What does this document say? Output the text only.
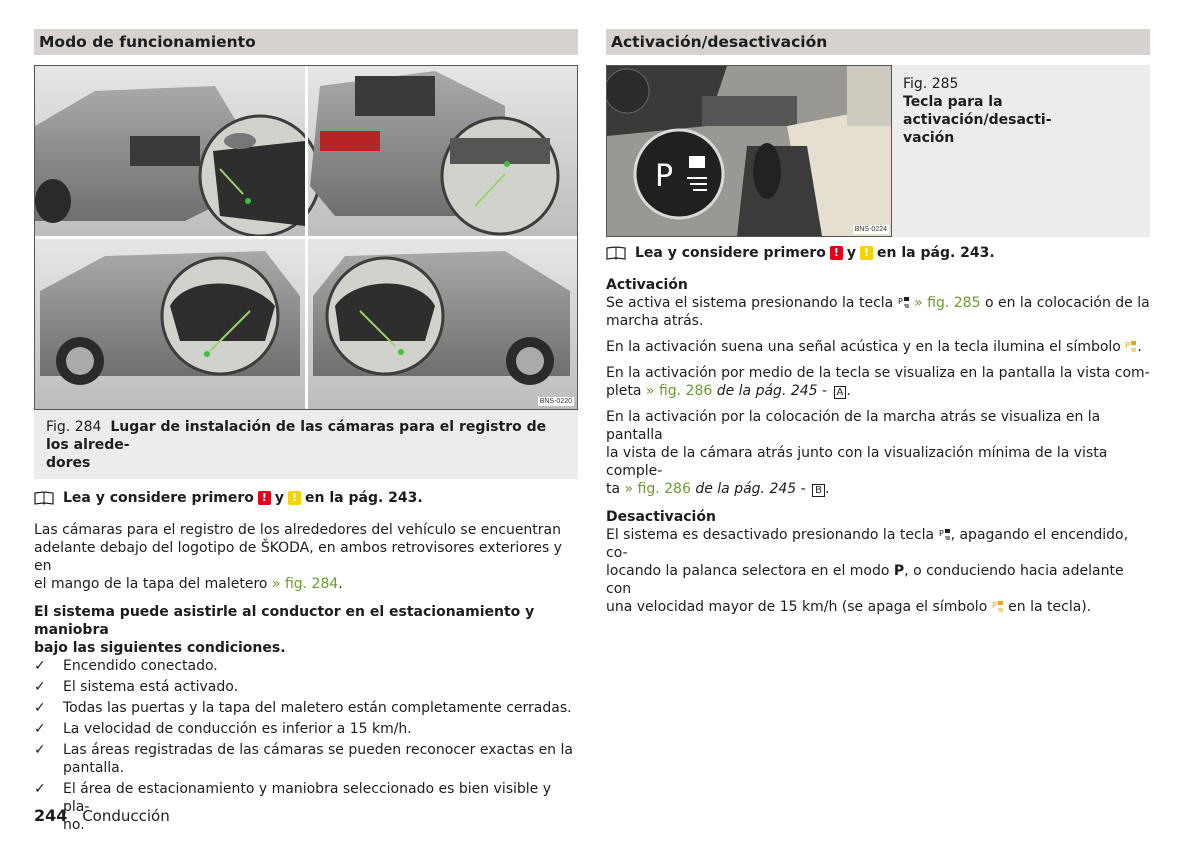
Modo de funcionamiento
BNS-0220
Fig. 284 Lugar de instalación de las cámaras para el registro de los alrede-
dores
Lea y considere primero ! y ! en la pág. 243.
Las cámaras para el registro de los alrededores del vehículo se encuentran
adelante debajo del logotipo de ŠKODA, en ambos retrovisores exteriores y en
el mango de la tapa del maletero » fig. 284.
El sistema puede asistirle al conductor en el estacionamiento y maniobra
bajo las siguientes condiciones.
✓ Encendido conectado.
✓ El sistema está activado.
✓ Todas las puertas y la tapa del maletero están completamente cerradas.
✓ La velocidad de conducción es inferior a 15 km/h.
✓ Las áreas registradas de las cámaras se pueden reconocer exactas en la
pantalla.
✓ El área de estacionamiento y maniobra seleccionado es bien visible y pla-
no.
Activación/desactivación
P
BNS-0224
Fig. 285
Tecla para la activación/desacti-
vación
Lea y considere primero ! y ! en la pág. 243.
Activación
Se activa el sistema presionando la tecla P » fig. 285 o en la colocación de la
marcha atrás.
En la activación suena una señal acústica y en la tecla ilumina el símbolo P .
En la activación por medio de la tecla se visualiza en la pantalla la vista com-
pleta » fig. 286 de la pág. 245 - A .
En la activación por la colocación de la marcha atrás se visualiza en la pantalla
la vista de la cámara atrás junto con la visualización mínima de la vista comple-
ta » fig. 286 de la pág. 245 - B .
Desactivación
El sistema es desactivado presionando la tecla P , apagando el encendido, co-
locando la palanca selectora en el modo P, o conduciendo hacia adelante con
una velocidad mayor de 15 km/h (se apaga el símbolo P en la tecla).
244 Conducción
